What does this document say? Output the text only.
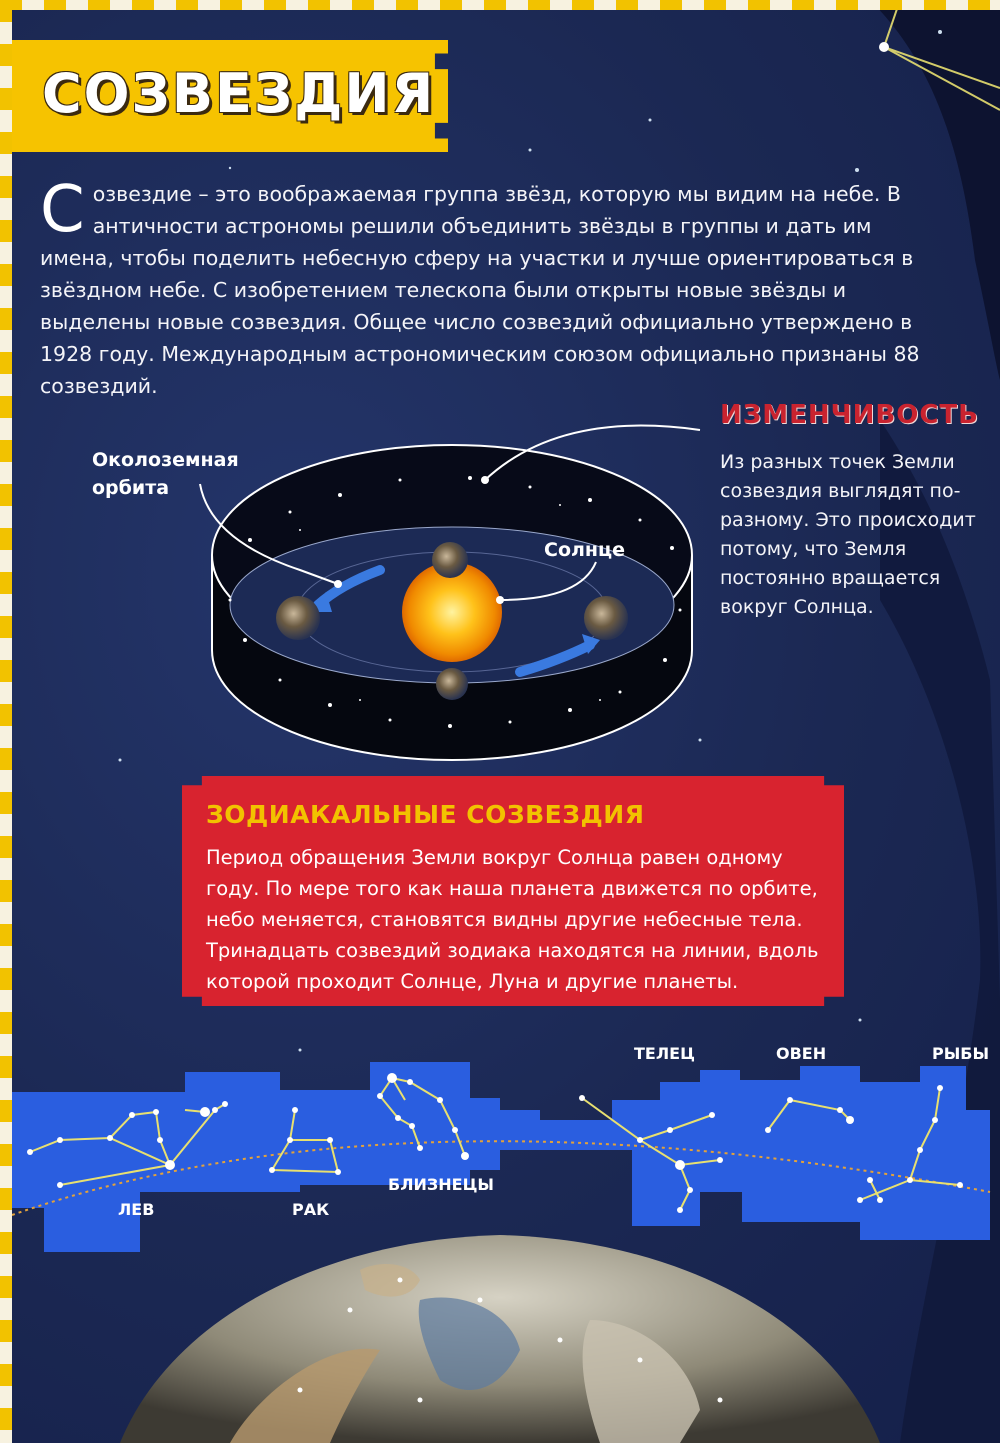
СОЗВЕЗДИЯ

Созвездие – это воображаемая группа звёзд, которую мы видим на небе. В античности астрономы решили объединить звёзды в группы и дать им имена, чтобы поделить небесную сферу на участки и лучше ориентироваться в звёздном небе. С изобретением телескопа были открыты новые звёзды и выделены новые созвездия. Общее число созвездий официально утверждено в 1928 году. Международным астрономическим союзом официально признаны 88 созвездий.

Околоземная орбита
Солнце
ИЗМЕНЧИВОСТЬ

Из разных точек Земли созвездия выглядят по-разному. Это происходит потому, что Земля постоянно вращается вокруг Солнца.

ЗОДИАКАЛЬНЫЕ СОЗВЕЗДИЯ

Период обращения Земли вокруг Солнца равен одному году. По мере того как наша планета движется по орбите, небо меняется, становятся видны другие небесные тела. Тринадцать созвездий зодиака находятся на линии, вдоль которой проходит Солнце, Луна и другие планеты.

ЛЕВ	РАК
БЛИЗНЕЦЫ
ТЕЛЕЦ	ОВЕН	РЫБЫ
